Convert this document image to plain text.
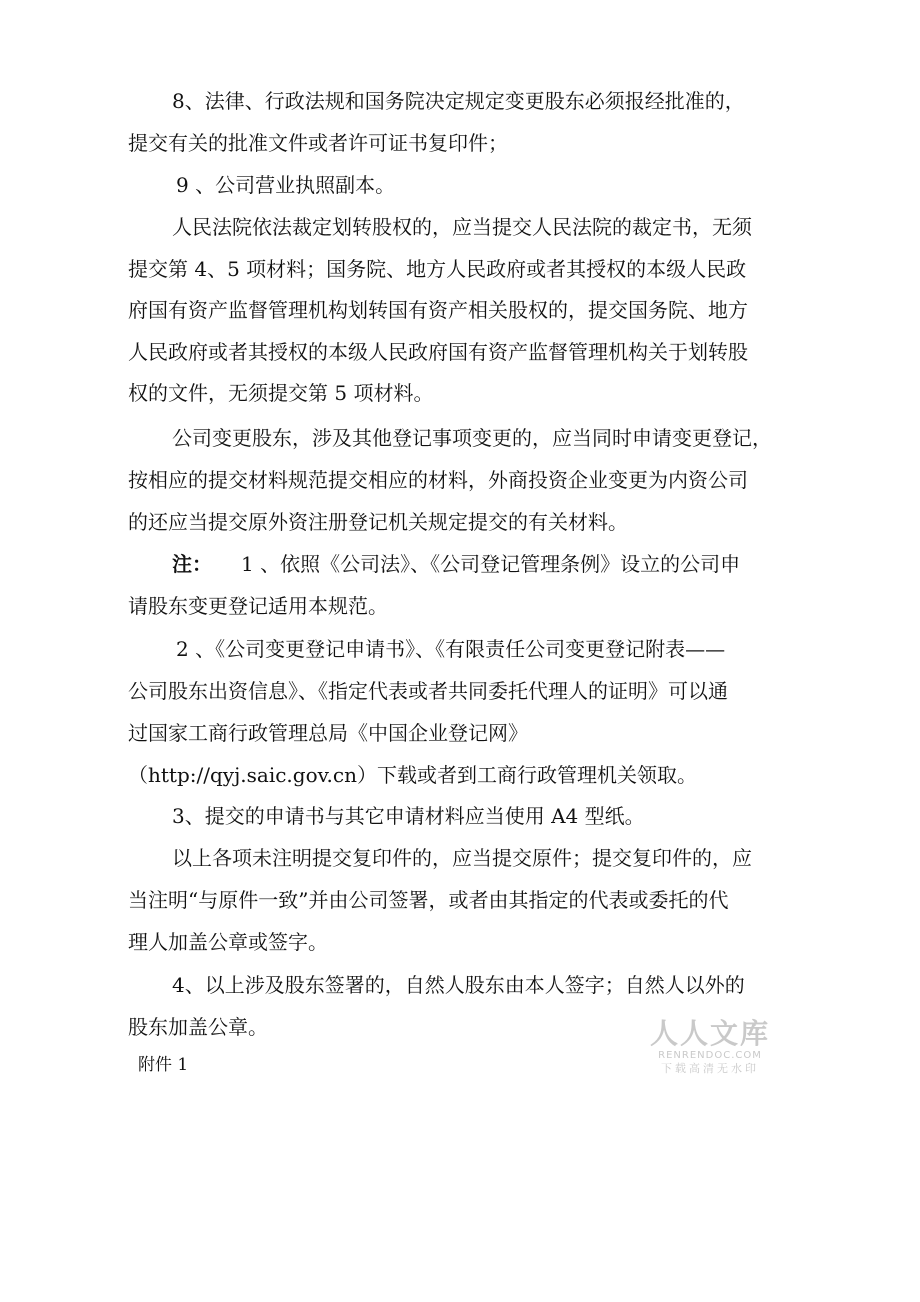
8、法律、行政法规和国务院决定规定变更股东必须报经批准的，
提交有关的批准文件或者许可证书复印件；
9 、公司营业执照副本。
人民法院依法裁定划转股权的，应当提交人民法院的裁定书，无须
提交第 4、5 项材料；国务院、地方人民政府或者其授权的本级人民政
府国有资产监督管理机构划转国有资产相关股权的，提交国务院、地方
人民政府或者其授权的本级人民政府国有资产监督管理机构关于划转股
权的文件，无须提交第 5 项材料。
公司变更股东，涉及其他登记事项变更的，应当同时申请变更登记，
按相应的提交材料规范提交相应的材料，外商投资企业变更为内资公司
的还应当提交原外资注册登记机关规定提交的有关材料。
注： 1 、依照《公司法》、《公司登记管理条例》设立的公司申
请股东变更登记适用本规范。
2 、《公司变更登记申请书》、《有限责任公司变更登记附表——
公司股东出资信息》、《指定代表或者共同委托代理人的证明》可以通
过国家工商行政管理总局《中国企业登记网》
（http://qyj.saic.gov.cn）下载或者到工商行政管理机关领取。
3、提交的申请书与其它申请材料应当使用 A4 型纸。
以上各项未注明提交复印件的，应当提交原件；提交复印件的，应
当注明“与原件一致”并由公司签署，或者由其指定的代表或委托的代
理人加盖公章或签字。
4、以上涉及股东签署的，自然人股东由本人签字；自然人以外的
股东加盖公章。
附件 1
人人文库
RENRENDOC.COM
下载高清无水印
